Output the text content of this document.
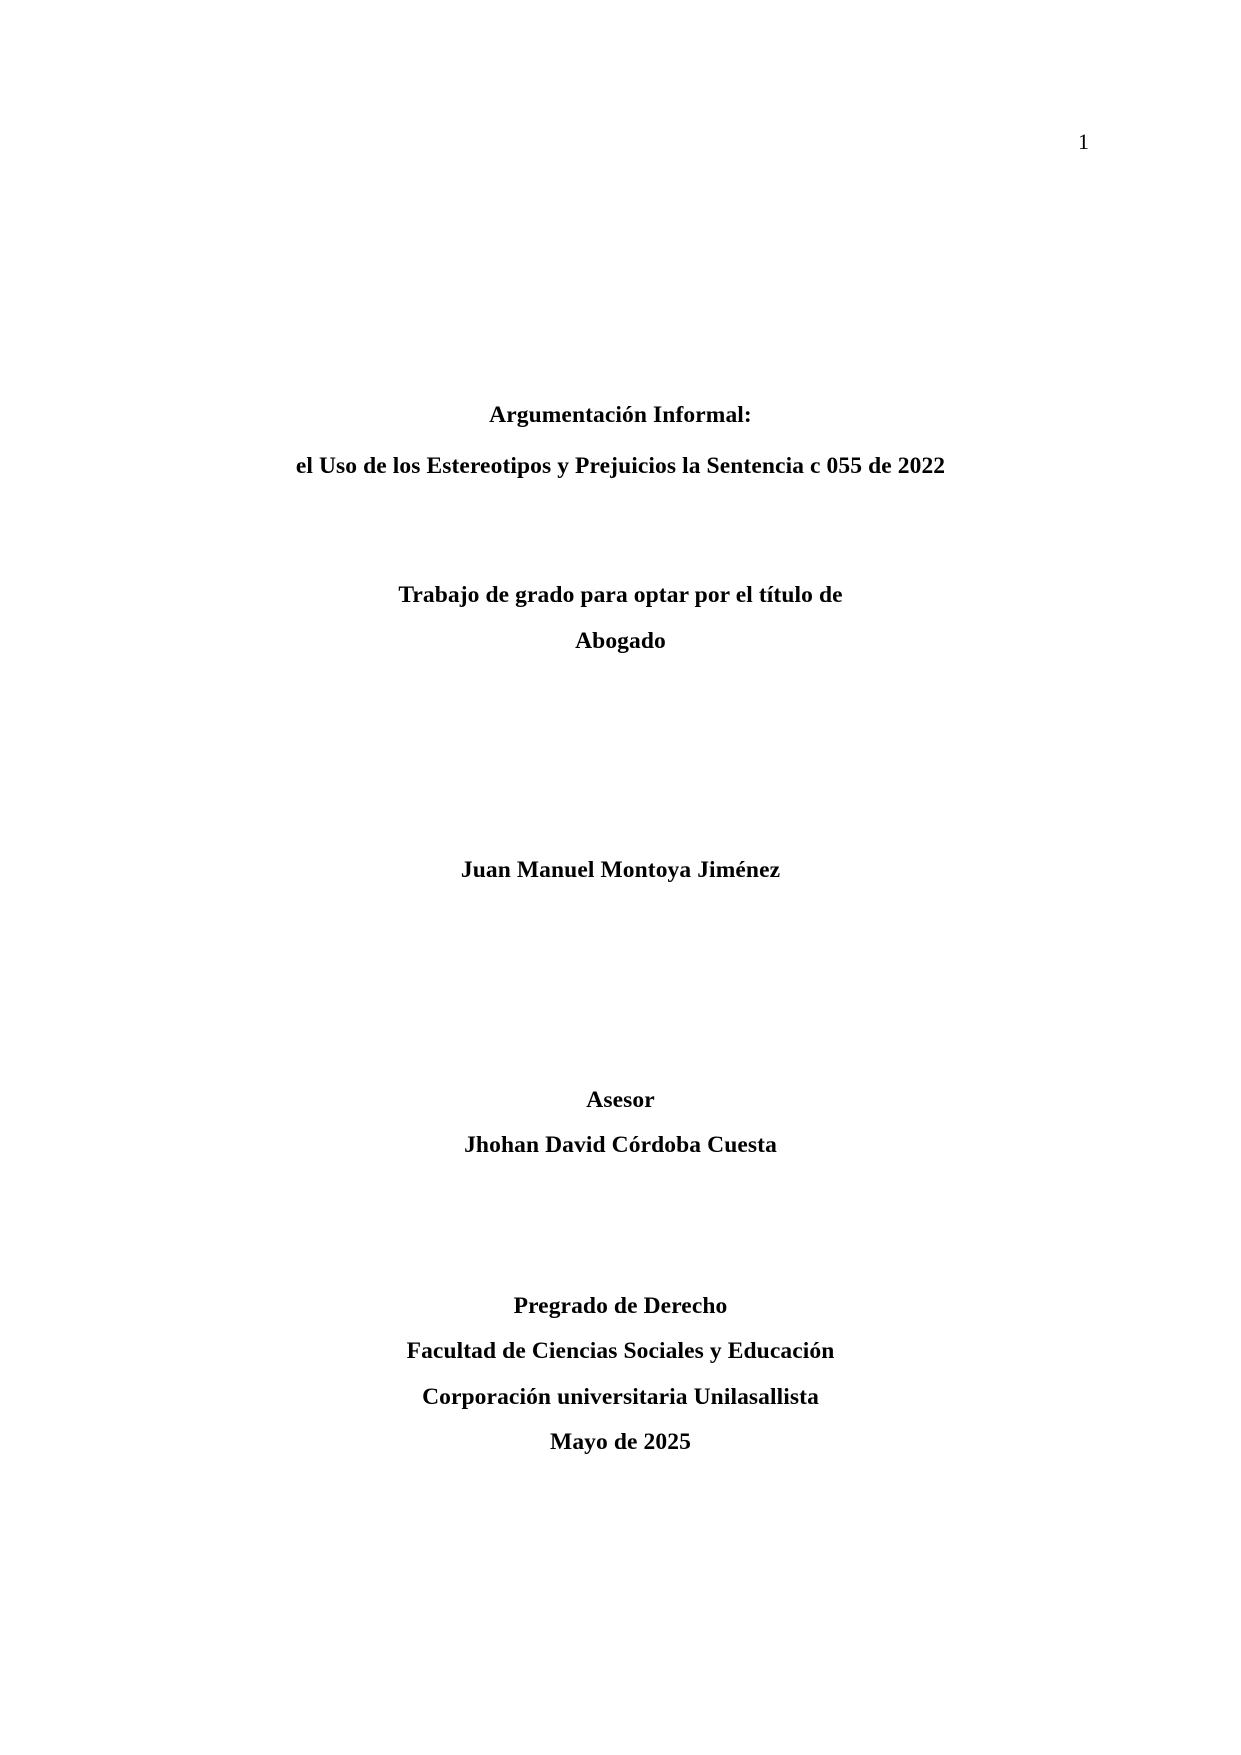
1
Argumentación Informal:
el Uso de los Estereotipos y Prejuicios la Sentencia c 055 de 2022
Trabajo de grado para optar por el título de
Abogado
Juan Manuel Montoya Jiménez
Asesor
Jhohan David Córdoba Cuesta
Pregrado de Derecho
Facultad de Ciencias Sociales y Educación
Corporación universitaria Unilasallista
Mayo de 2025
